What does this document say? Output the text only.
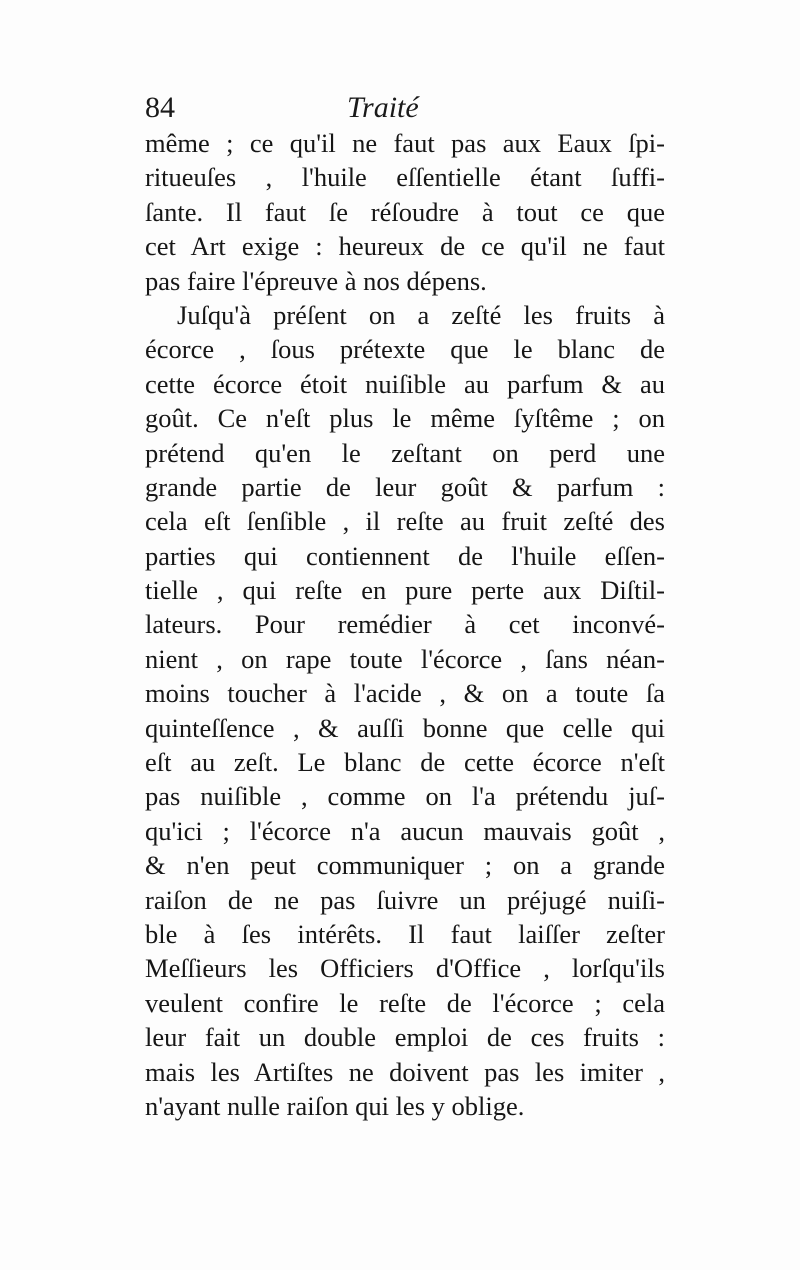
84	Traité
même ; ce qu'il ne faut pas aux Eaux ſpi-
ritueuſes , l'huile eſſentielle étant ſuffi-
ſante. Il faut ſe réſoudre à tout ce que
cet Art exige : heureux de ce qu'il ne faut
pas faire l'épreuve à nos dépens.
Juſqu'à préſent on a zeſté les fruits à
écorce , ſous prétexte que le blanc de
cette écorce étoit nuiſible au parfum & au
goût. Ce n'eſt plus le même ſyſtême ; on
prétend qu'en le zeſtant on perd une
grande partie de leur goût & parfum :
cela eſt ſenſible , il reſte au fruit zeſté des
parties qui contiennent de l'huile eſſen-
tielle , qui reſte en pure perte aux Diſtil-
lateurs. Pour remédier à cet inconvé-
nient , on rape toute l'écorce , ſans néan-
moins toucher à l'acide , & on a toute ſa
quinteſſence , & auſſi bonne que celle qui
eſt au zeſt. Le blanc de cette écorce n'eſt
pas nuiſible , comme on l'a prétendu juſ-
qu'ici ; l'écorce n'a aucun mauvais goût ,
& n'en peut communiquer ; on a grande
raiſon de ne pas ſuivre un préjugé nuiſi-
ble à ſes intérêts. Il faut laiſſer zeſter
Meſſieurs les Officiers d'Office , lorſqu'ils
veulent confire le reſte de l'écorce ; cela
leur fait un double emploi de ces fruits :
mais les Artiſtes ne doivent pas les imiter ,
n'ayant nulle raiſon qui les y oblige.
